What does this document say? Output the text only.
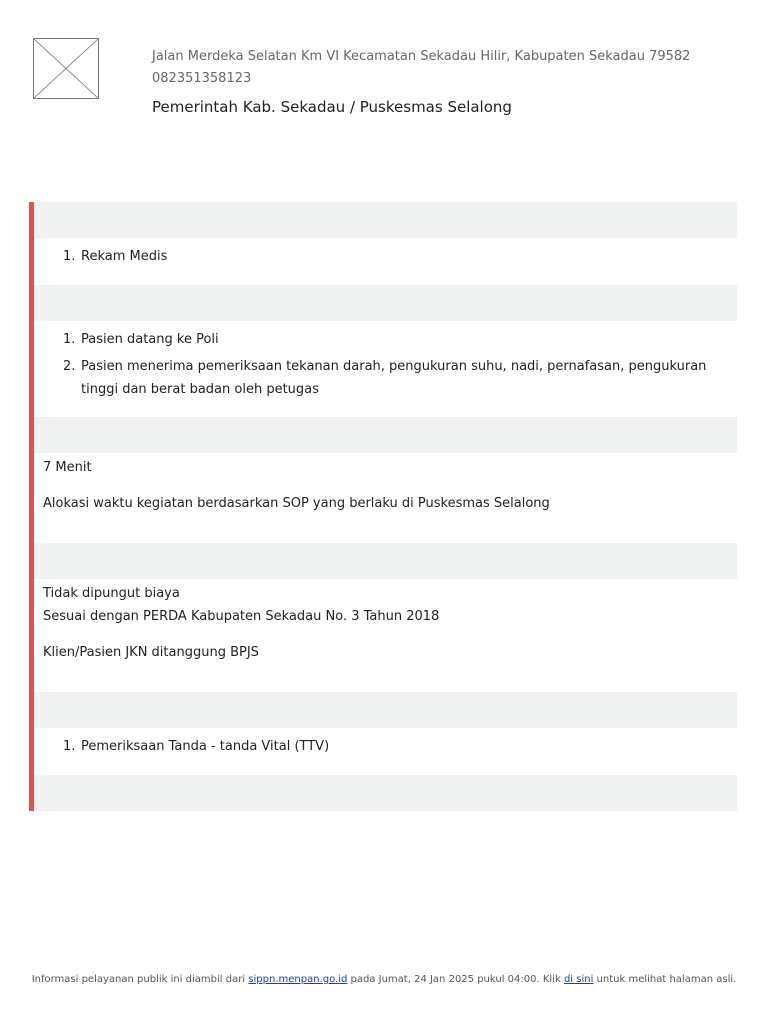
Jalan Merdeka Selatan Km VI Kecamatan Sekadau Hilir, Kabupaten Sekadau 79582
082351358123
Pemerintah Kab. Sekadau / Puskesmas Selalong
1. Rekam Medis
1. Pasien datang ke Poli
2. Pasien menerima pemeriksaan tekanan darah, pengukuran suhu, nadi, pernafasan, pengukuran tinggi dan berat badan oleh petugas

7 Menit

Alokasi waktu kegiatan berdasarkan SOP yang berlaku di Puskesmas Selalong

Tidak dipungut biaya

Sesuai dengan PERDA Kabupaten Sekadau No. 3 Tahun 2018

Klien/Pasien JKN ditanggung BPJS

1. Pemeriksaan Tanda - tanda Vital (TTV)
Informasi pelayanan publik ini diambil dari sippn.menpan.go.id pada Jumat, 24 Jan 2025 pukul 04:00. Klik di sini untuk melihat halaman asli.
